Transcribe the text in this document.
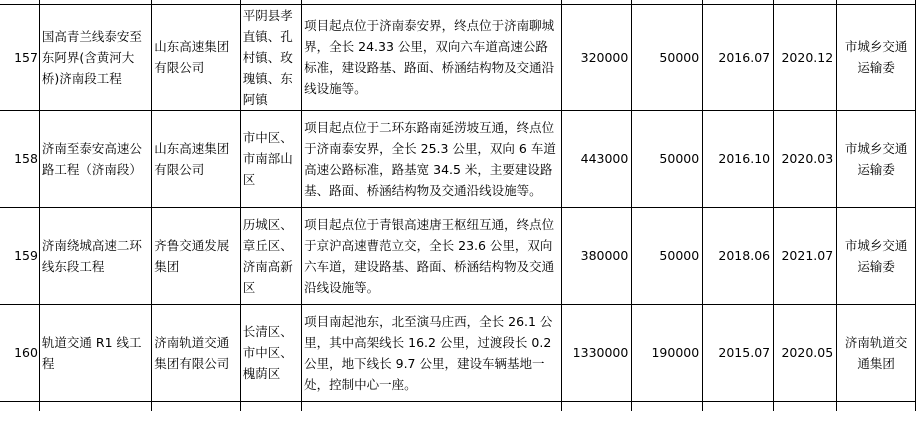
157	国高青兰线泰安至东阿界(含黄河大桥)济南段工程	山东高速集团有限公司	平阴县孝直镇、孔村镇、玫瑰镇、东阿镇	项目起点位于济南泰安界，终点位于济南聊城界，全长 24.33 公里，双向六车道高速公路标准，建设路基、路面、桥涵结构物及交通沿线设施等。	320000	50000	2016.07	2020.12	市城乡交通运输委
158	济南至泰安高速公路工程（济南段）	山东高速集团有限公司	市中区、市南部山区	项目起点位于二环东路南延涝坡互通，终点位于济南泰安界，全长 25.3 公里，双向 6 车道高速公路标准，路基宽 34.5 米，主要建设路基、路面、桥涵结构物及交通沿线设施等。	443000	50000	2016.10	2020.03	市城乡交通运输委
159	济南绕城高速二环线东段工程	齐鲁交通发展集团	历城区、章丘区、济南高新区	项目起点位于青银高速唐王枢纽互通，终点位于京沪高速曹范立交，全长 23.6 公里，双向六车道，建设路基、路面、桥涵结构物及交通沿线设施等。	380000	50000	2018.06	2021.07	市城乡交通运输委
160	轨道交通 R1 线工程	济南轨道交通集团有限公司	长清区、市中区、槐荫区	项目南起池东，北至演马庄西，全长 26.1 公里，其中高架线长 16.2 公里，过渡段长 0.2 公里，地下线长 9.7 公里，建设车辆基地一处，控制中心一座。	1330000	190000	2015.07	2020.05	济南轨道交通集团
